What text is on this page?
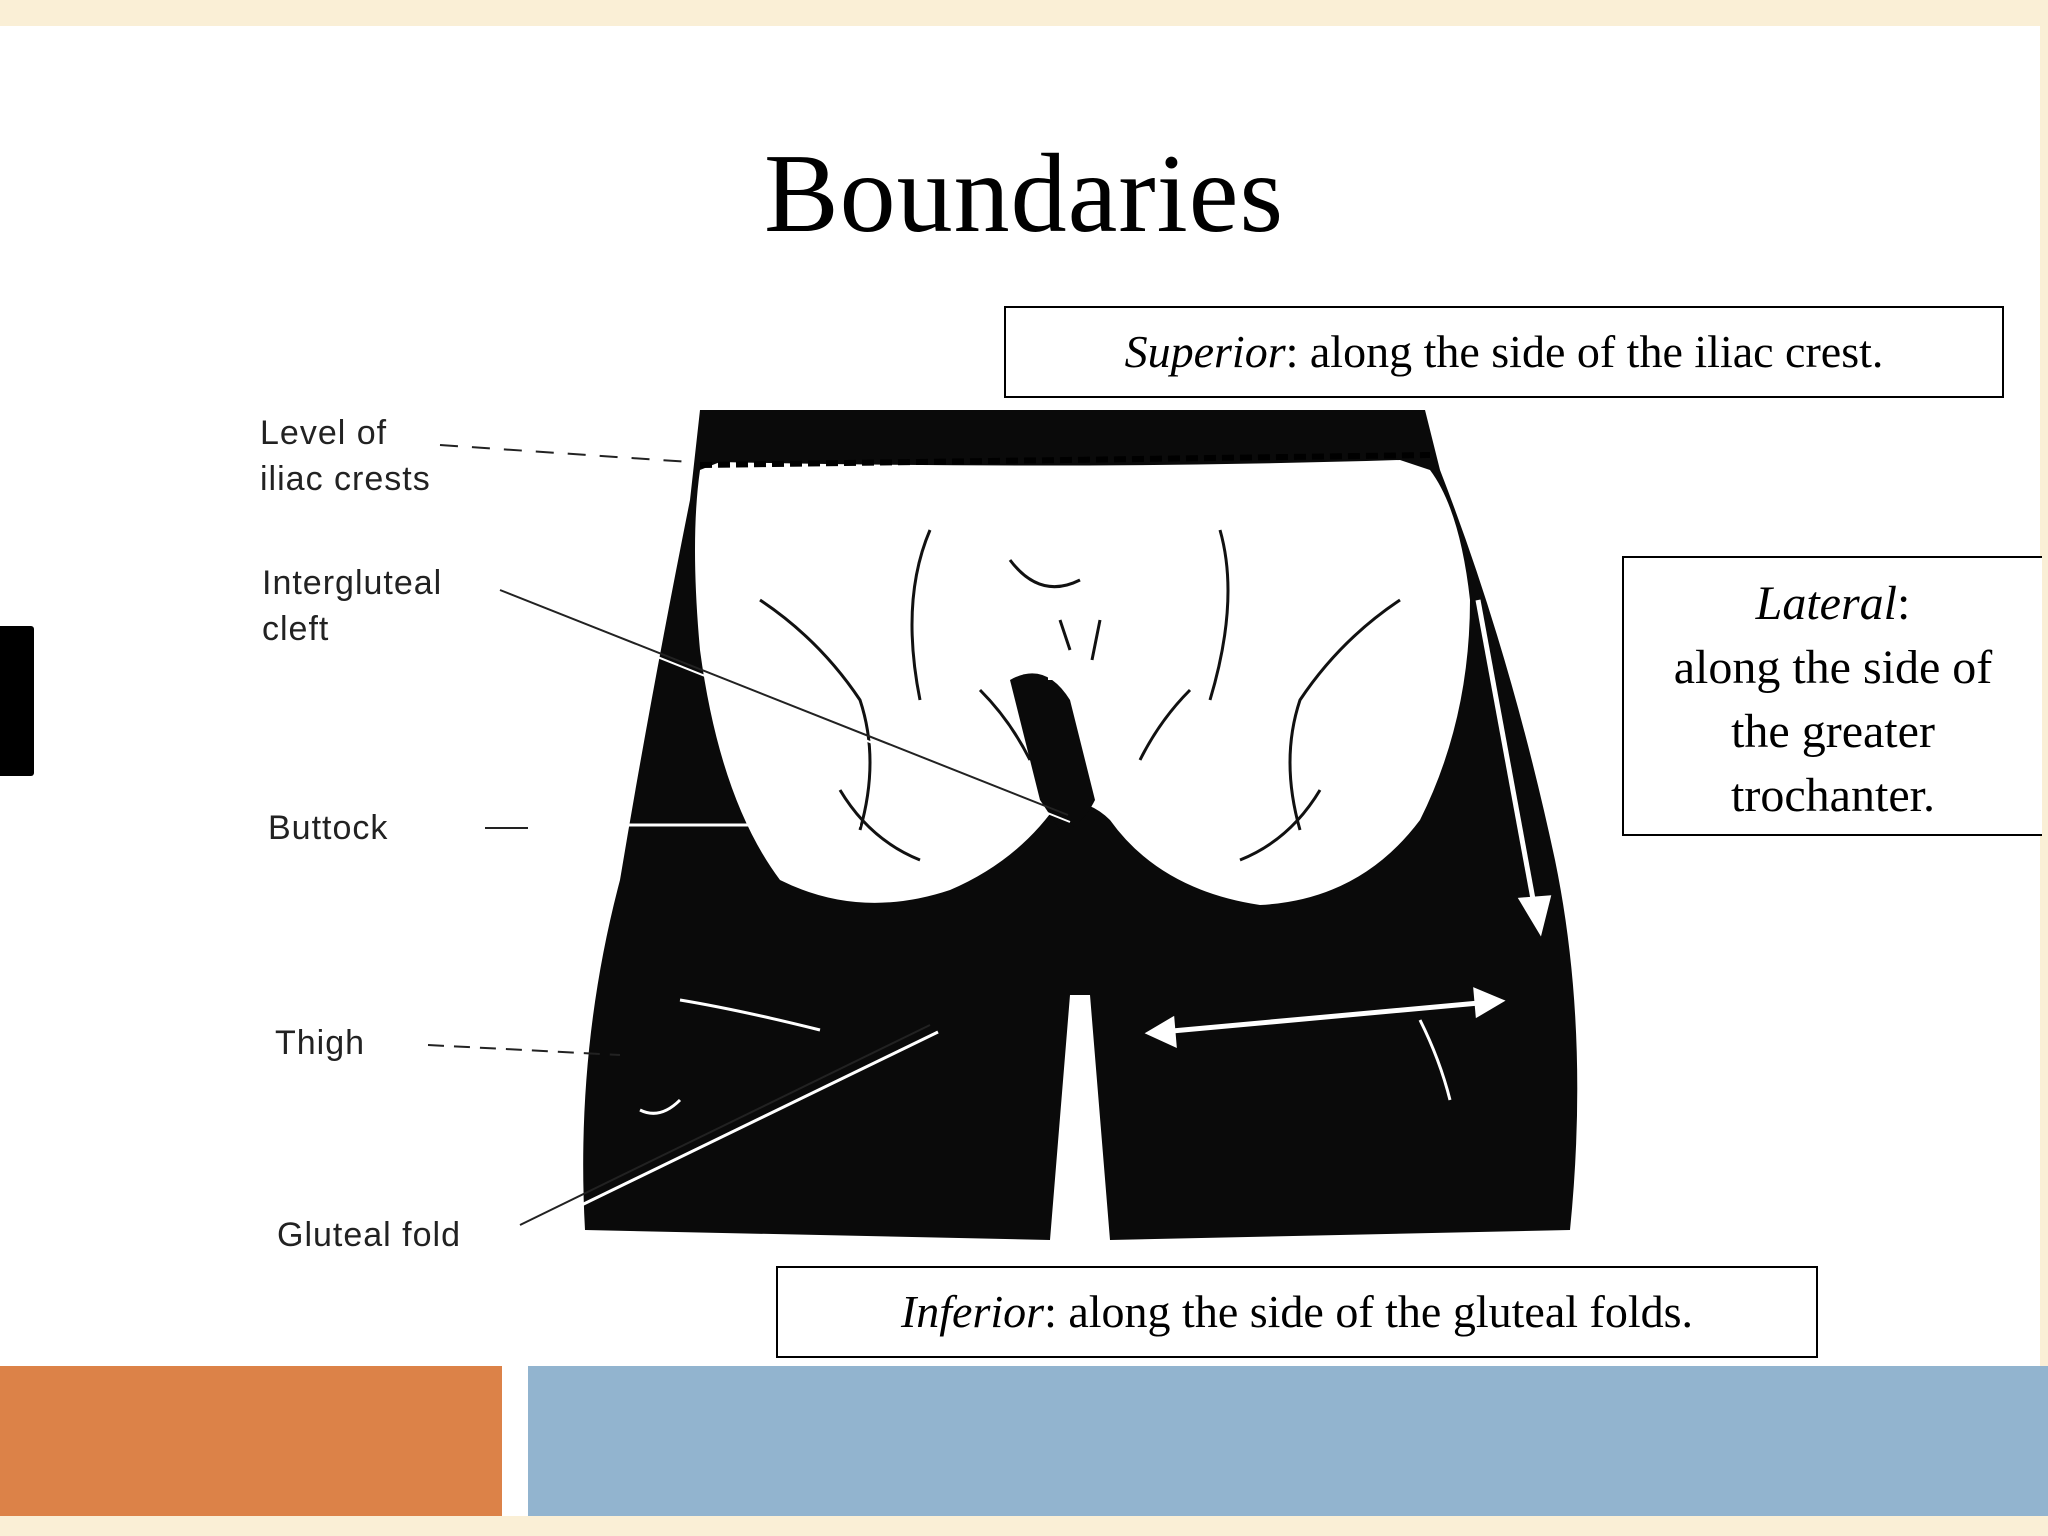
Boundaries
Level of
iliac crests
Intergluteal
cleft
Buttock
Thigh
Gluteal fold
Superior: along the side of the iliac crest.
Lateral:
along the side of
the greater
trochanter.
Inferior: along the side of the gluteal folds.
